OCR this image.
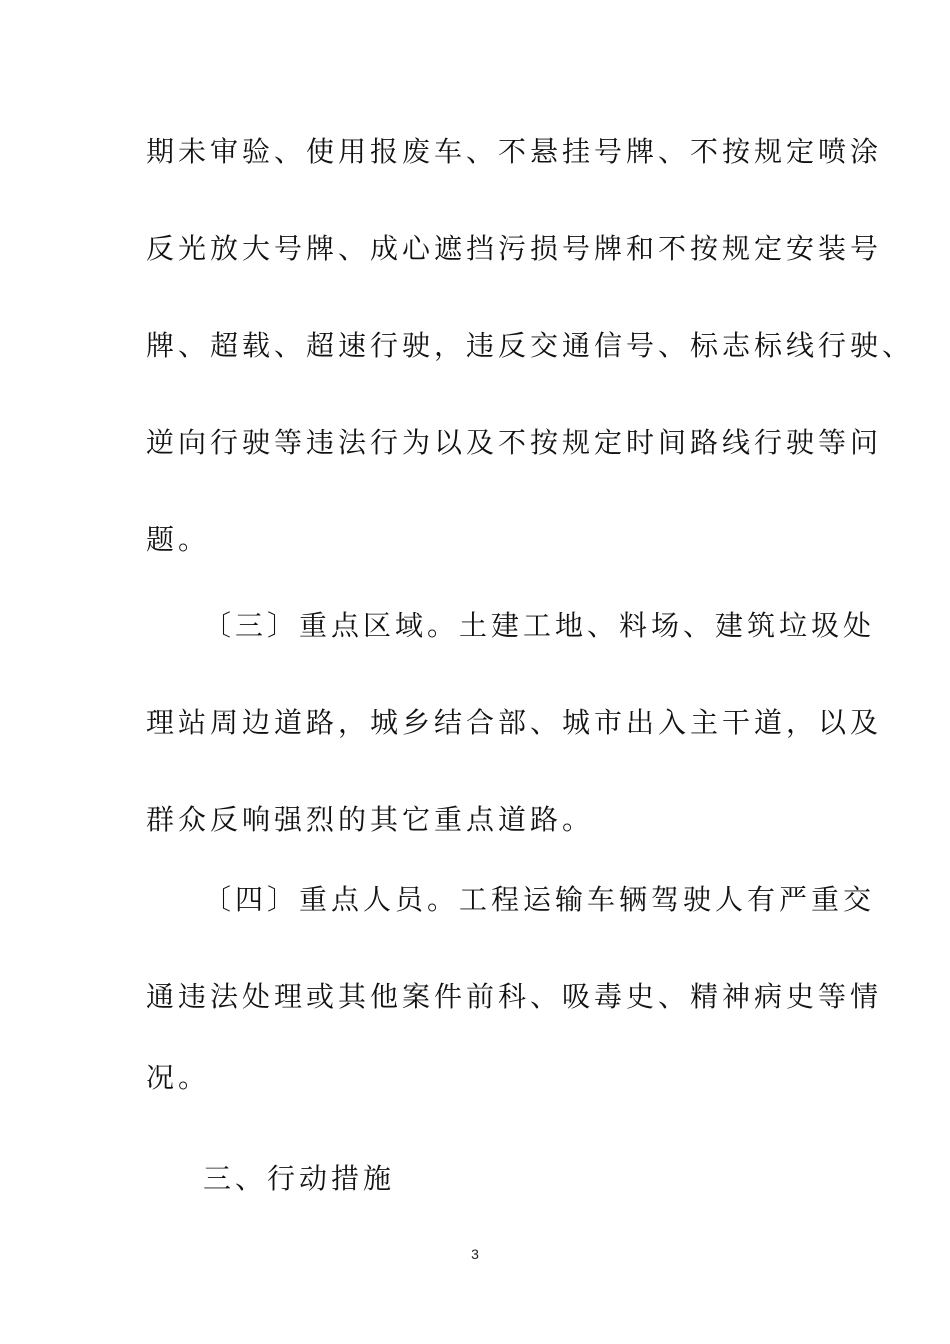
期未审验、使用报废车、不悬挂号牌、不按规定喷涂
反光放大号牌、成心遮挡污损号牌和不按规定安装号
牌、超载、超速行驶，违反交通信号、标志标线行驶、
逆向行驶等违法行为以及不按规定时间路线行驶等问
题。
〔三〕重点区域。土建工地、料场、建筑垃圾处
理站周边道路，城乡结合部、城市出入主干道，以及
群众反响强烈的其它重点道路。
〔四〕重点人员。工程运输车辆驾驶人有严重交
通违法处理或其他案件前科、吸毒史、精神病史等情
况。
三、行动措施
3
